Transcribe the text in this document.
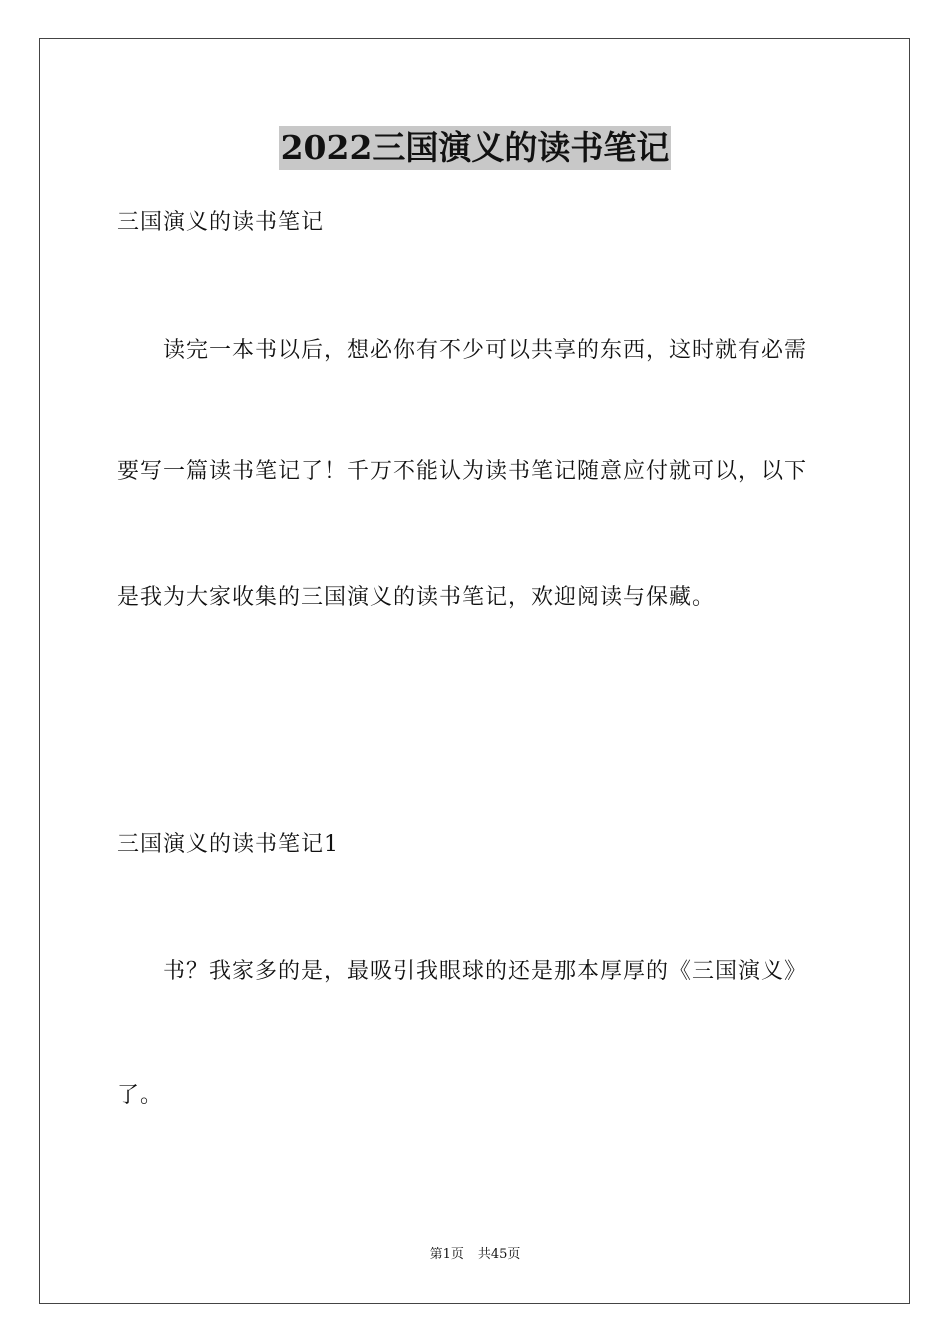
2022三国演义的读书笔记

三国演义的读书笔记

读完一本书以后，想必你有不少可以共享的东西，这时就有必需

要写一篇读书笔记了！千万不能认为读书笔记随意应付就可以，以下

是我为大家收集的三国演义的读书笔记，欢迎阅读与保藏。

三国演义的读书笔记1

书？我家多的是，最吸引我眼球的还是那本厚厚的《三国演义》

了。

第1页 共45页
